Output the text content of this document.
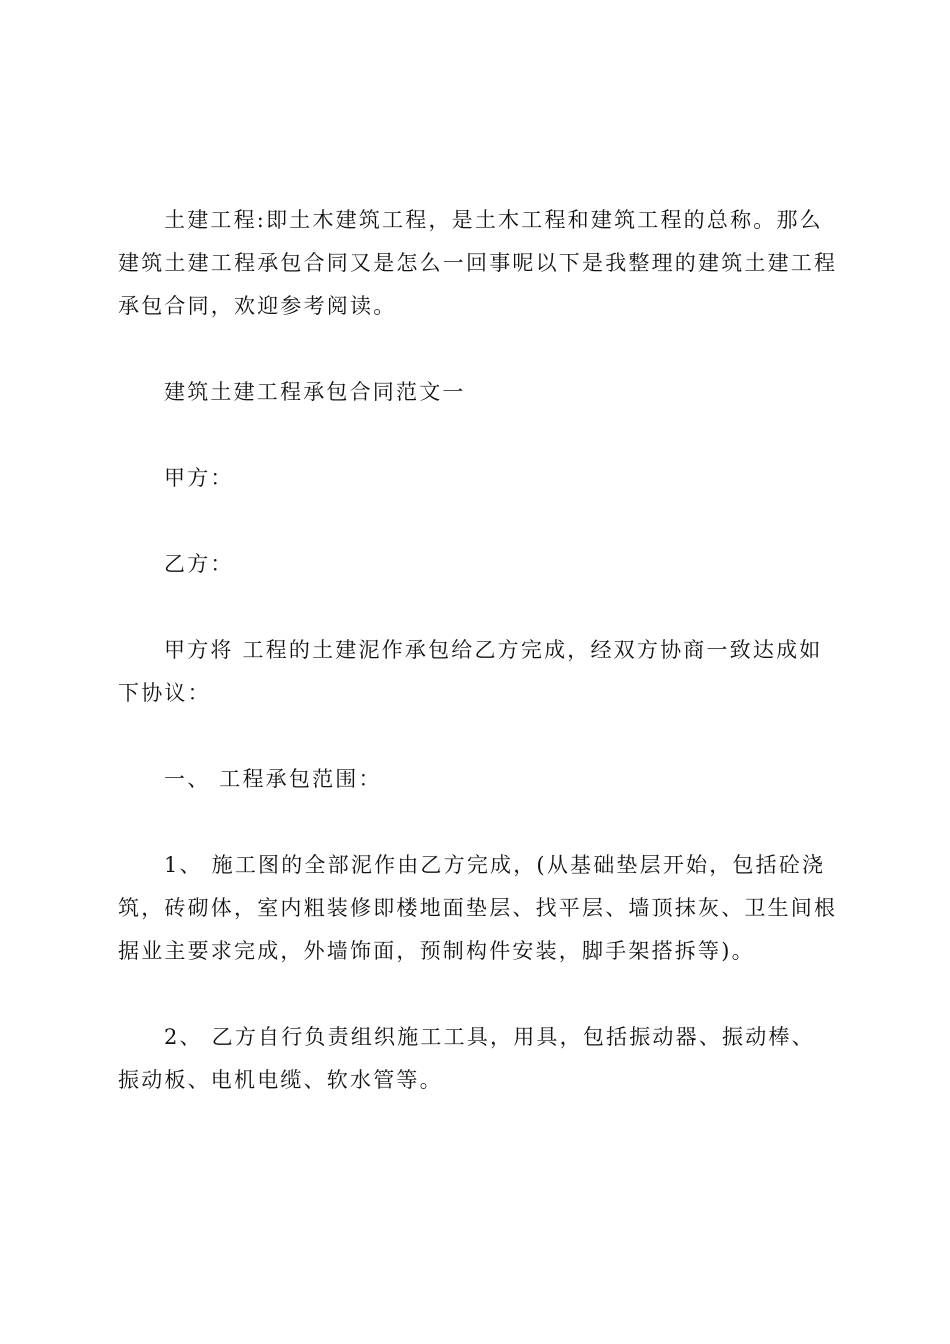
土建工程:即土木建筑工程，是土木工程和建筑工程的总称。那么建筑土建工程承包合同又是怎么一回事呢以下是我整理的建筑土建工程承包合同，欢迎参考阅读。

建筑土建工程承包合同范文一

甲方：

乙方：

甲方将 工程的土建泥作承包给乙方完成，经双方协商一致达成如下协议：

一、 工程承包范围：

1、 施工图的全部泥作由乙方完成，(从基础垫层开始，包括砼浇筑，砖砌体，室内粗装修即楼地面垫层、找平层、墙顶抹灰、卫生间根据业主要求完成，外墙饰面，预制构件安装，脚手架搭拆等)。

2、 乙方自行负责组织施工工具，用具，包括振动器、振动棒、振动板、电机电缆、软水管等。
